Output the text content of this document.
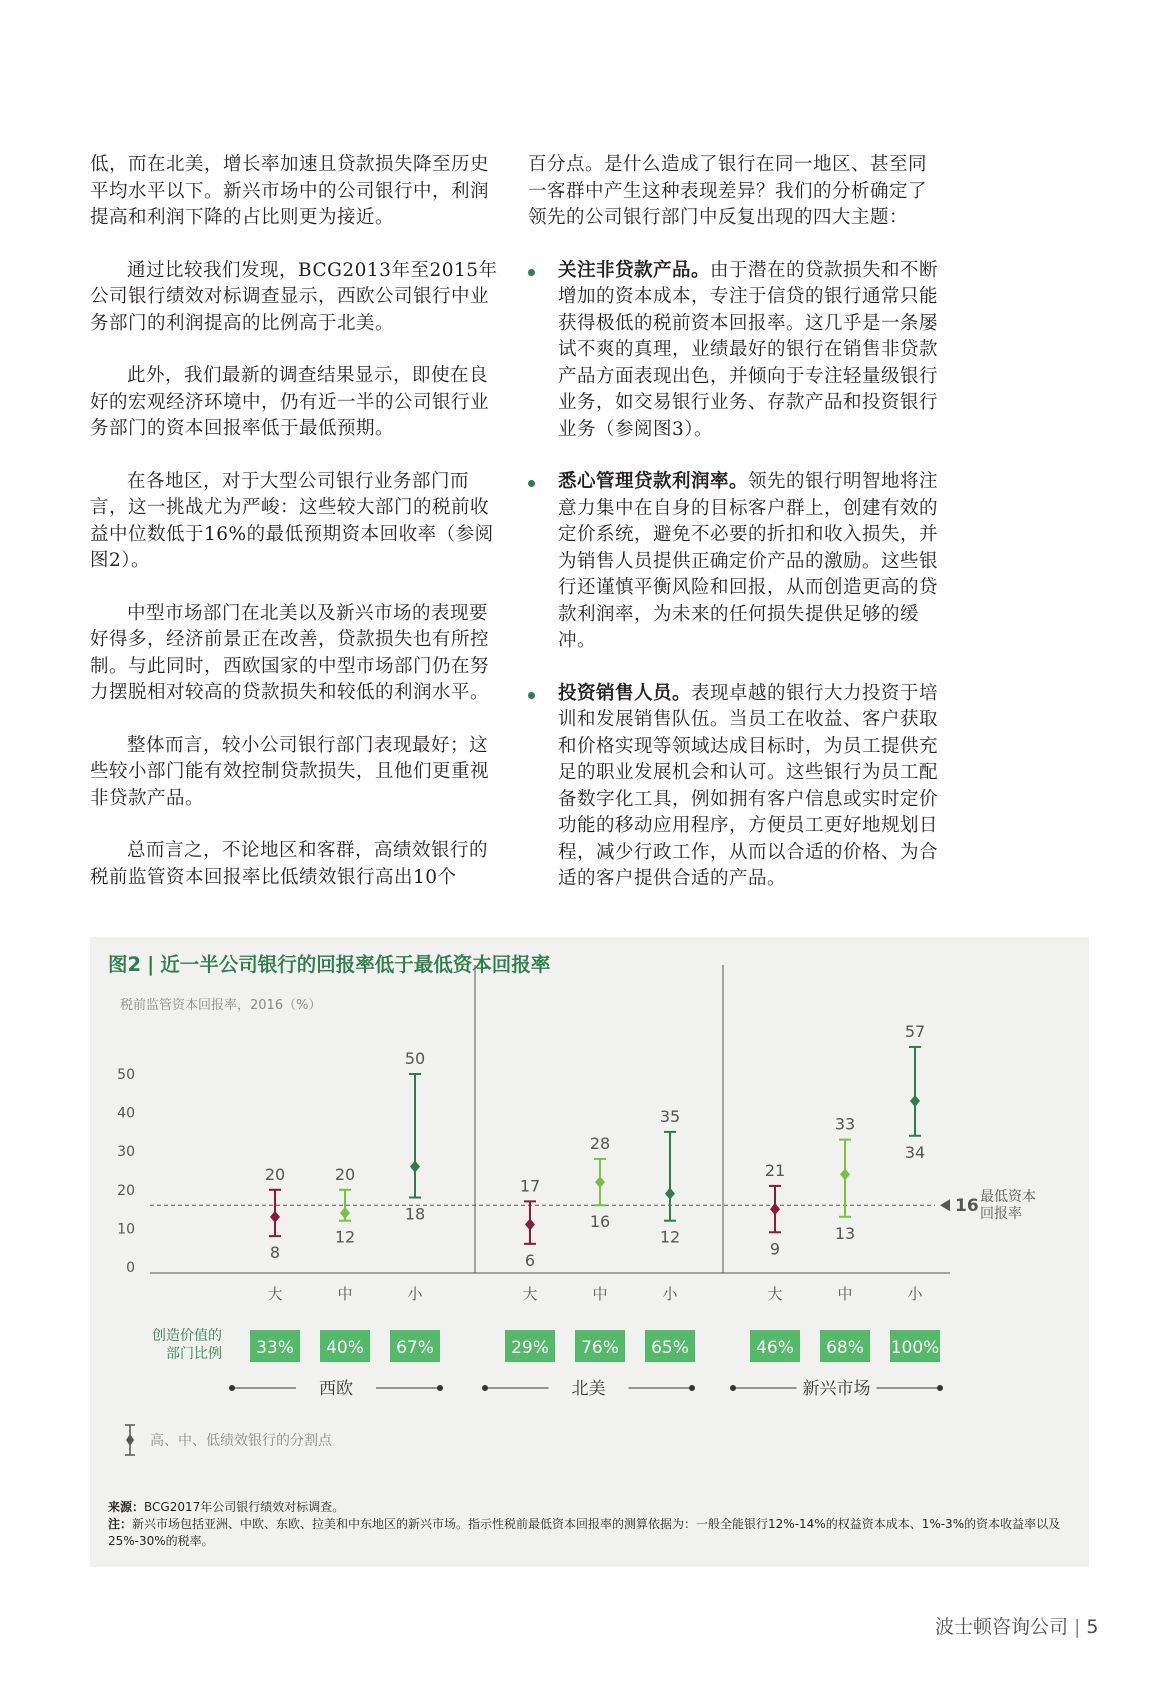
低，而在北美，增长率加速且贷款损失降至历史平均水平以下。新兴市场中的公司银行中，利润提高和利润下降的占比则更为接近。

通过比较我们发现，BCG2013年至2015年公司银行绩效对标调查显示，西欧公司银行中业务部门的利润提高的比例高于北美。

此外，我们最新的调查结果显示，即使在良好的宏观经济环境中，仍有近一半的公司银行业务部门的资本回报率低于最低预期。

在各地区，对于大型公司银行业务部门而言，这一挑战尤为严峻：这些较大部门的税前收益中位数低于16%的最低预期资本回收率（参阅图2）。

中型市场部门在北美以及新兴市场的表现要好得多，经济前景正在改善，贷款损失也有所控制。与此同时，西欧国家的中型市场部门仍在努力摆脱相对较高的贷款损失和较低的利润水平。

整体而言，较小公司银行部门表现最好；这些较小部门能有效控制贷款损失，且他们更重视非贷款产品。

总而言之，不论地区和客群，高绩效银行的税前监管资本回报率比低绩效银行高出10个

百分点。是什么造成了银行在同一地区、甚至同一客群中产生这种表现差异？我们的分析确定了领先的公司银行部门中反复出现的四大主题：

关注非贷款产品。由于潜在的贷款损失和不断增加的资本成本，专注于信贷的银行通常只能获得极低的税前资本回报率。这几乎是一条屡试不爽的真理，业绩最好的银行在销售非贷款产品方面表现出色，并倾向于专注轻量级银行业务，如交易银行业务、存款产品和投资银行业务（参阅图3）。
悉心管理贷款利润率。领先的银行明智地将注意力集中在自身的目标客户群上，创建有效的定价系统，避免不必要的折扣和收入损失，并为销售人员提供正确定价产品的激励。这些银行还谨慎平衡风险和回报，从而创造更高的贷款利润率，为未来的任何损失提供足够的缓冲。
投资销售人员。表现卓越的银行大力投资于培训和发展销售队伍。当员工在收益、客户获取和价格实现等领域达成目标时，为员工提供充足的职业发展机会和认可。这些银行为员工配备数字化工具，例如拥有客户信息或实时定价功能的移动应用程序，方便员工更好地规划日程，减少行政工作，从而以合适的价格、为合适的客户提供合适的产品。
图2 | 近一半公司银行的回报率低于最低资本回报率
税前监管资本回报率，2016（%）
0
10
20
30
40
50
16 最低资本
回报率
创造价值的
部门比例
20
8
大
33%
20
12
中
40%
50
18
小
67%
西欧
17
6
大
29%
28
16
中
76%
35
12
小
65%
北美
21
9
大
46%
33
13
中
68%
57
34
小
100%
新兴市场
高、中、低绩效银行的分割点
来源：BCG2017年公司银行绩效对标调查。
注：新兴市场包括亚洲、中欧、东欧、拉美和中东地区的新兴市场。指示性税前最低资本回报率的测算依据为：一般全能银行12%-14%的权益资本成本、1%-3%的资本收益率以及25%-30%的税率。
波士顿咨询公司 | 5
